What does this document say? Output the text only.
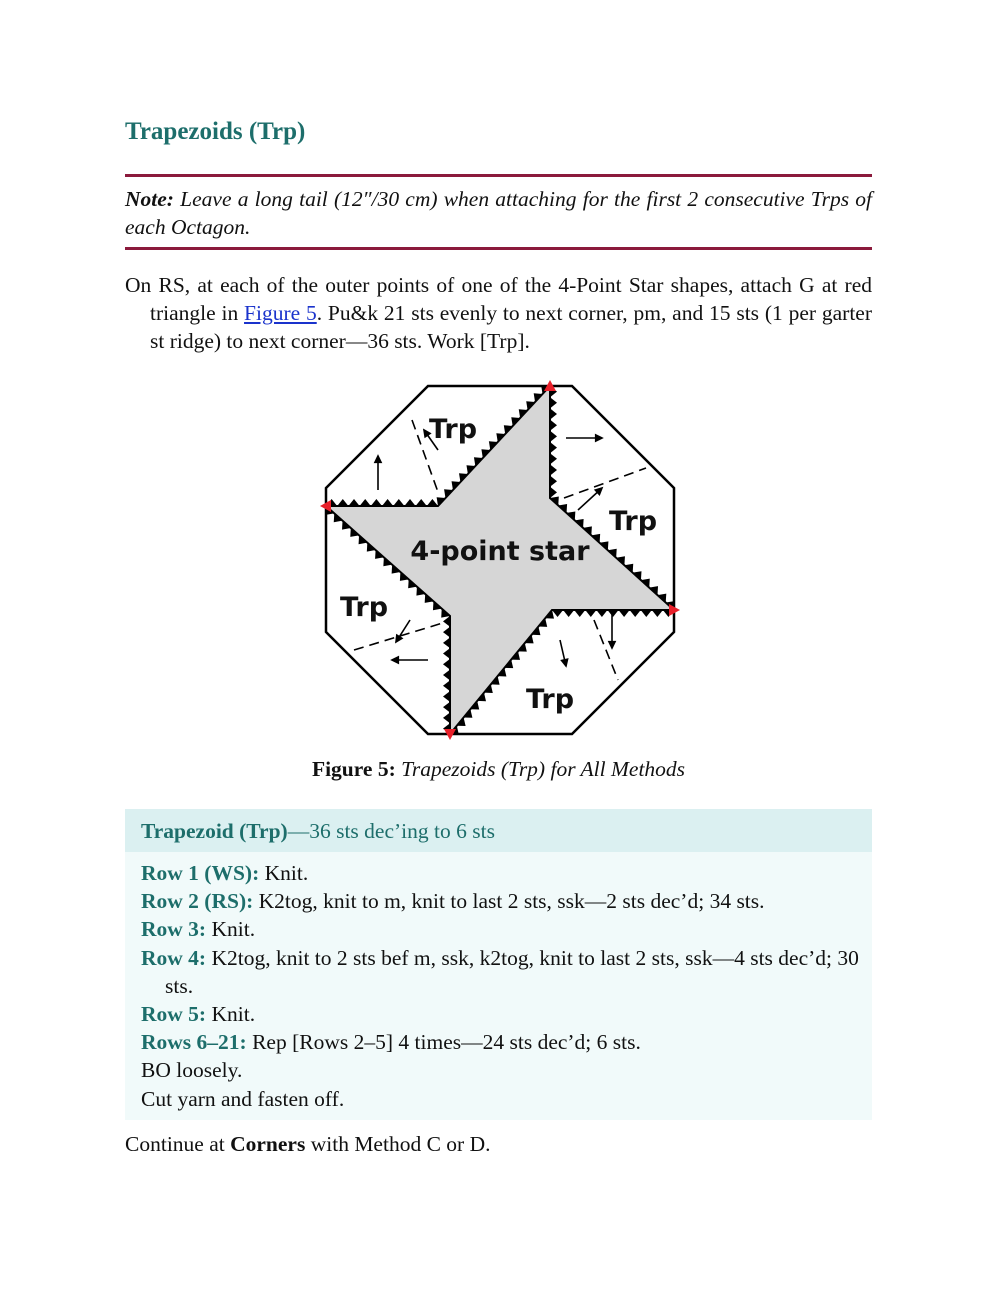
Trapezoids (Trp)
Note: Leave a long tail (12″/30 cm) when attaching for the first 2 consecutive Trps of each Octagon.
On RS, at each of the outer points of one of the 4-Point Star shapes, attach G at red triangle in Figure 5. Pu&k 21 sts evenly to next corner, pm, and 15 sts (1 per garter st ridge) to next corner—36 sts. Work [Trp].
4-point star
Trp
Trp
Trp
Trp
Figure 5: Trapezoids (Trp) for All Methods
Trapezoid (Trp)—36 sts dec’ing to 6 sts
Row 1 (WS): Knit.
Row 2 (RS): K2tog, knit to m, knit to last 2 sts, ssk—2 sts dec’d; 34 sts.
Row 3: Knit.
Row 4: K2tog, knit to 2 sts bef m, ssk, k2tog, knit to last 2 sts, ssk—4 sts dec’d; 30 sts.
Row 5: Knit.
Rows 6–21: Rep [Rows 2–5] 4 times—24 sts dec’d; 6 sts.
BO loosely.
Cut yarn and fasten off.
Continue at Corners with Method C or D.
